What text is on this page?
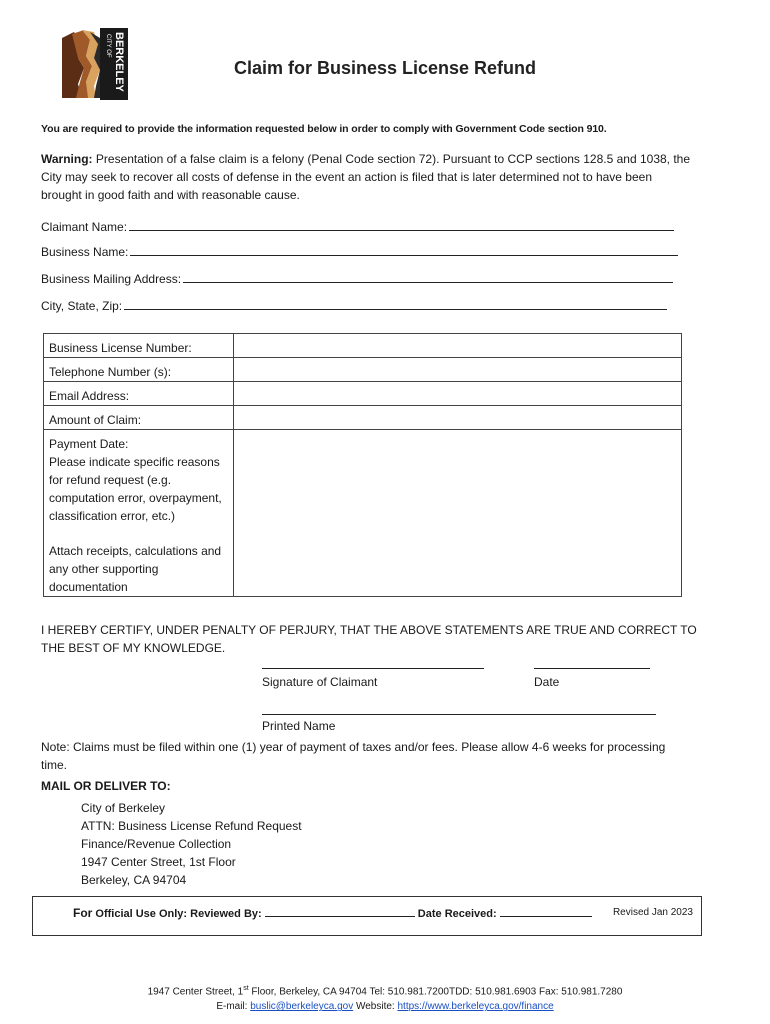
CITY OF BERKELEY	Claim for Business License Refund
You are required to provide the information requested below in order to comply with Government Code section 910.
Warning: Presentation of a false claim is a felony (Penal Code section 72). Pursuant to CCP sections 128.5 and 1038, the City may seek to recover all costs of defense in the event an action is filed that is later determined not to have been brought in good faith and with reasonable cause.
Claimant Name:
Business Name:
Business Mailing Address:
City, State, Zip:
Business License Number:	
Telephone Number (s):	
Email Address:	
Amount of Claim:	

Payment Date:
Please indicate specific reasons for refund request (e.g. computation error, overpayment, classification error, etc.)
Attach receipts, calculations and any other supporting documentation	

I HEREBY CERTIFY, UNDER PENALTY OF PERJURY, THAT THE ABOVE STATEMENTS ARE TRUE AND CORRECT TO THE BEST OF MY KNOWLEDGE.
Signature of Claimant	Date
Printed Name
Note: Claims must be filed within one (1) year of payment of taxes and/or fees. Please allow 4-6 weeks for processing time.
MAIL OR DELIVER TO:
City of Berkeley
ATTN: Business License Refund Request
Finance/Revenue Collection
1947 Center Street, 1st Floor
Berkeley, CA 94704
For Official Use Only: Reviewed By:	Date Received:	Revised Jan 2023
1947 Center Street, 1st Floor, Berkeley, CA 94704 Tel: 510.981.7200TDD: 510.981.6903 Fax: 510.981.7280
E-mail: buslic@berkeleyca.gov Website: https://www.berkeleyca.gov/finance
